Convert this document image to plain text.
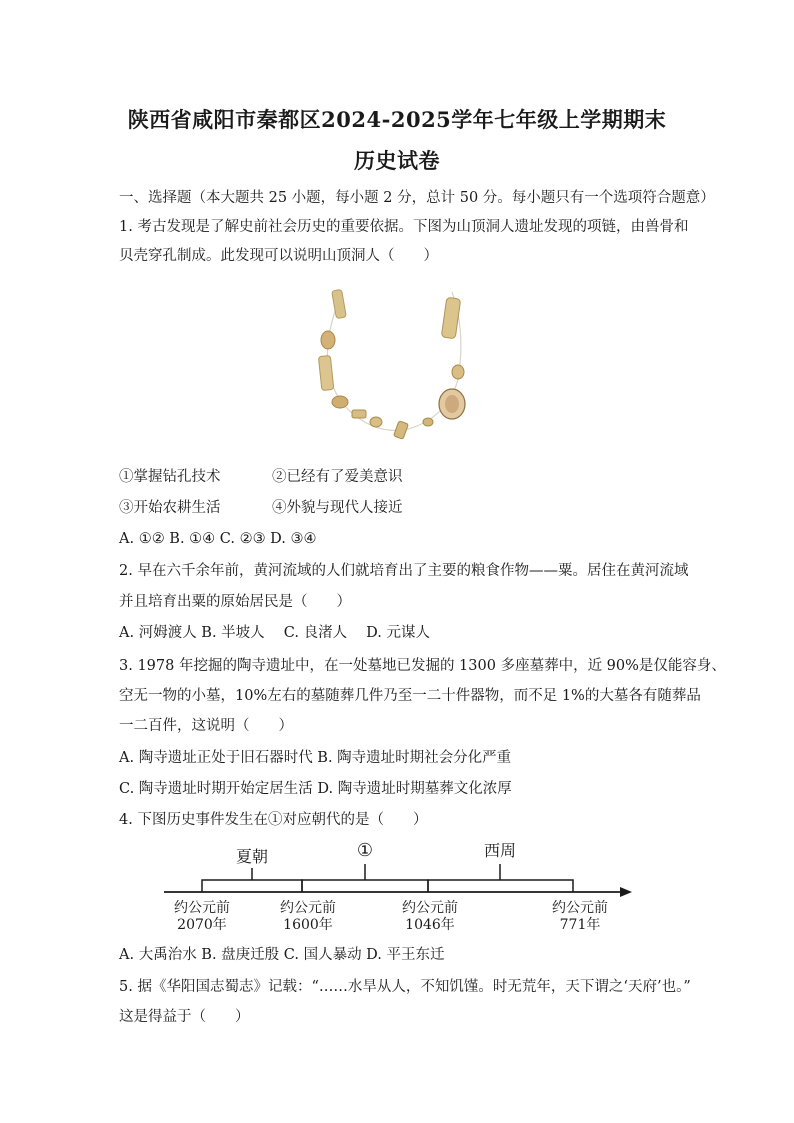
陕西省咸阳市秦都区2024-2025学年七年级上学期期末
历史试卷
一、选择题（本大题共 25 小题，每小题 2 分，总计 50 分。每小题只有一个选项符合题意）
1. 考古发现是了解史前社会历史的重要依据。下图为山顶洞人遗址发现的项链，由兽骨和
贝壳穿孔制成。此发现可以说明山顶洞人（　　）
①掌握钻孔技术	②已经有了爱美意识
③开始农耕生活	④外貌与现代人接近
A. ①② B. ①④ C. ②③ D. ③④
2. 早在六千余年前，黄河流域的人们就培育出了主要的粮食作物——粟。居住在黄河流域
并且培育出粟的原始居民是（　　）
A. 河姆渡人 B. 半坡人　 C. 良渚人　 D. 元谋人
3. 1978 年挖掘的陶寺遗址中，在一处墓地已发掘的 1300 多座墓葬中，近 90%是仅能容身、
空无一物的小墓，10%左右的墓随葬几件乃至一二十件器物，而不足 1%的大墓各有随葬品
一二百件，这说明（　　）
A. 陶寺遗址正处于旧石器时代 B. 陶寺遗址时期社会分化严重
C. 陶寺遗址时期开始定居生活 D. 陶寺遗址时期墓葬文化浓厚
4. 下图历史事件发生在①对应朝代的是（　　）
夏朝	①	西周
约公元前
2070年
约公元前
1600年
约公元前
1046年
约公元前
771年
A. 大禹治水 B. 盘庚迁殷 C. 国人暴动 D. 平王东迁
5. 据《华阳国志蜀志》记载：“……水旱从人，不知饥馑。时无荒年，天下谓之‘天府’也。”
这是得益于（　　）
